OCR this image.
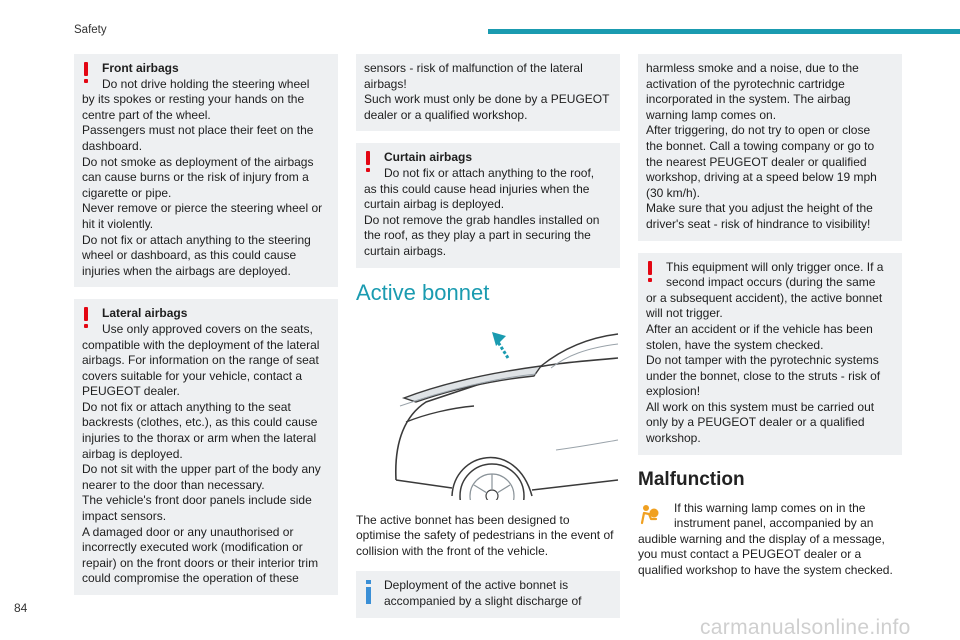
Safety

Front airbags

Do not drive holding the steering wheel

by its spokes or resting your hands on the

centre part of the wheel.

Passengers must not place their feet on the

dashboard.

Do not smoke as deployment of the airbags

can cause burns or the risk of injury from a

cigarette or pipe.

Never remove or pierce the steering wheel or

hit it violently.

Do not fix or attach anything to the steering

wheel or dashboard, as this could cause

injuries when the airbags are deployed.

Lateral airbags

Use only approved covers on the seats,

compatible with the deployment of the lateral

airbags. For information on the range of seat

covers suitable for your vehicle, contact a

PEUGEOT dealer.

Do not fix or attach anything to the seat

backrests (clothes, etc.), as this could cause

injuries to the thorax or arm when the lateral

airbag is deployed.

Do not sit with the upper part of the body any

nearer to the door than necessary.

The vehicle's front door panels include side

impact sensors.

A damaged door or any unauthorised or

incorrectly executed work (modification or

repair) on the front doors or their interior trim

could compromise the operation of these

sensors - risk of malfunction of the lateral

airbags!

Such work must only be done by a PEUGEOT

dealer or a qualified workshop.

Curtain airbags

Do not fix or attach anything to the roof,

as this could cause head injuries when the

curtain airbag is deployed.

Do not remove the grab handles installed on

the roof, as they play a part in securing the

curtain airbags.

Active bonnet

The active bonnet has been designed to

optimise the safety of pedestrians in the event of

collision with the front of the vehicle.

Deployment of the active bonnet is

accompanied by a slight discharge of

harmless smoke and a noise, due to the

activation of the pyrotechnic cartridge

incorporated in the system. The airbag

warning lamp comes on.

After triggering, do not try to open or close

the bonnet. Call a towing company or go to

the nearest PEUGEOT dealer or qualified

workshop, driving at a speed below 19 mph

(30 km/h).

Make sure that you adjust the height of the

driver's seat - risk of hindrance to visibility!

This equipment will only trigger once. If a

second impact occurs (during the same

or a subsequent accident), the active bonnet

will not trigger.

After an accident or if the vehicle has been

stolen, have the system checked.

Do not tamper with the pyrotechnic systems

under the bonnet, close to the struts - risk of

explosion!

All work on this system must be carried out

only by a PEUGEOT dealer or a qualified

workshop.

Malfunction

If this warning lamp comes on in the

instrument panel, accompanied by an

audible warning and the display of a message,

you must contact a PEUGEOT dealer or a

qualified workshop to have the system checked.

84
carmanualsonline.info
